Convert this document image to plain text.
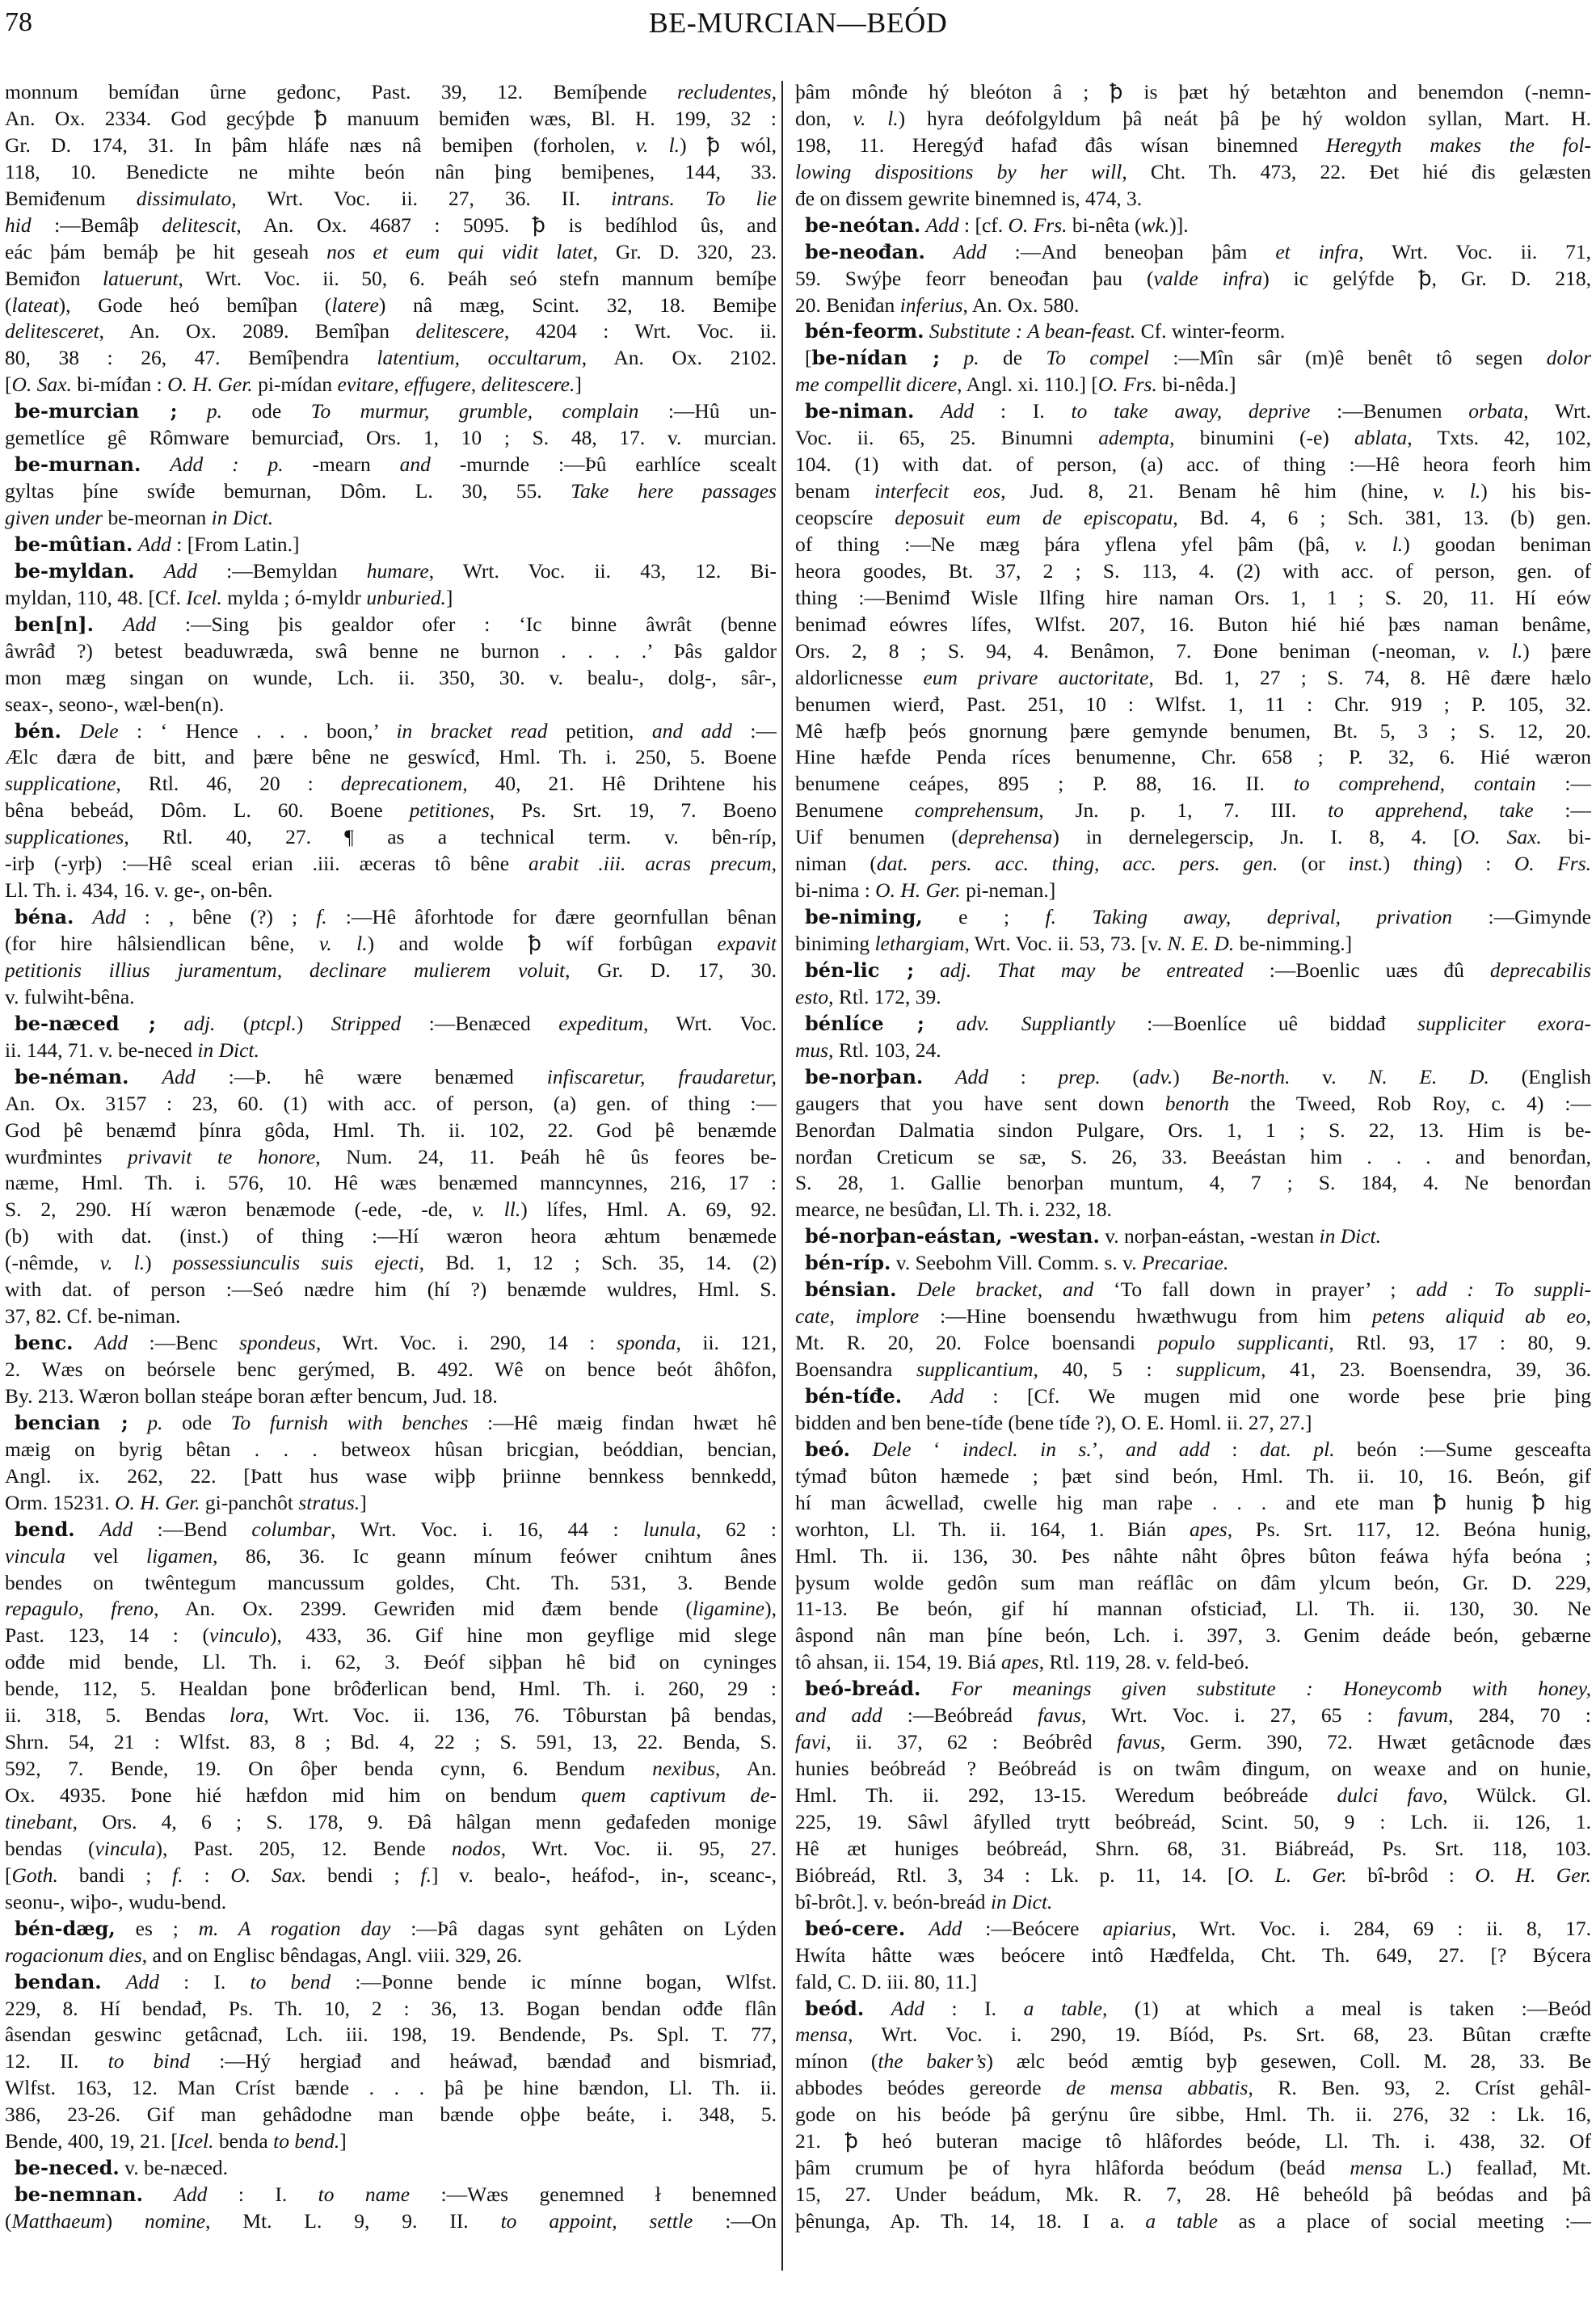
78	BE-MURCIAN—BEÓD
monnum bemíđan ûrne geđonc, Past. 39, 12. Bemíþende recludentes,
An. Ox. 2334. God gecýþde ꝥ manuum bemiđen wæs, Bl. H. 199, 32 :
Gr. D. 174, 31. In þâm hláfe næs nâ bemiþen (forholen, v. l.) ꝥ wól,
118, 10. Benedicte ne mihte beón nân þing bemiþenes, 144, 33.
Bemiđenum dissimulato, Wrt. Voc. ii. 27, 36. II. intrans. To lie
hid :—Bemâþ delitescit, An. Ox. 4687 : 5095. ꝥ is bedíhlod ûs, and
eác þám bemáþ þe hit geseah nos et eum qui vidit latet, Gr. D. 320, 23.
Bemiđon latuerunt, Wrt. Voc. ii. 50, 6. Þeáh seó stefn mannum bemíþe
(lateat), Gode heó bemîþan (latere) nâ mæg, Scint. 32, 18. Bemiþe
delitesceret, An. Ox. 2089. Bemîþan delitescere, 4204 : Wrt. Voc. ii.
80, 38 : 26, 47. Bemîþendra latentium, occultarum, An. Ox. 2102.
[O. Sax. bi-míđan : O. H. Ger. pi-mídan evitare, effugere, delitescere.]
be-murcian ; p. ode To murmur, grumble, complain :—Hû un-
gemetlíce gê Rômware bemurciađ, Ors. 1, 10 ; S. 48, 17. v. murcian.
be-murnan. Add : p. -mearn and -murnde :—Þû earhlíce scealt
gyltas þíne swíđe bemurnan, Dôm. L. 30, 55. Take here passages
given under be-meornan in Dict.
be-mûtian. Add : [From Latin.]
be-myldan. Add :—Bemyldan humare, Wrt. Voc. ii. 43, 12. Bi-
myldan, 110, 48. [Cf. Icel. mylda ; ó-myldr unburied.]
ben[n]. Add :—Sing þis gealdor ofer : ‘Ic binne âwrât (benne
âwrâđ ?) betest beaduwræda, swâ benne ne burnon . . . .’ Þâs galdor
mon mæg singan on wunde, Lch. ii. 350, 30. v. bealu-, dolg-, sâr-,
seax-, seono-, wæl-ben(n).
bén. Dele : ‘ Hence . . . boon,’ in bracket read petition, and add :—
Ælc đæra đe bitt, and þære bêne ne geswícđ, Hml. Th. i. 250, 5. Boene
supplicatione, Rtl. 46, 20 : deprecationem, 40, 21. Hê Drihtene his
bêna bebeád, Dôm. L. 60. Boene petitiones, Ps. Srt. 19, 7. Boeno
supplicationes, Rtl. 40, 27. ¶ as a technical term. v. bên-ríp,
-irþ (-yrþ) :—Hê sceal erian .iii. æceras tô bêne arabit .iii. acras precum,
Ll. Th. i. 434, 16. v. ge-, on-bên.
béna. Add : , bêne (?) ; f. :—Hê âforhtode for đære geornfullan bênan
(for hire hâlsiendlican bêne, v. l.) and wolde ꝥ wíf forbûgan expavit
petitionis illius juramentum, declinare mulierem voluit, Gr. D. 17, 30.
v. fulwiht-bêna.
be-næced ; adj. (ptcpl.) Stripped :—Benæced expeditum, Wrt. Voc.
ii. 144, 71. v. be-neced in Dict.
be-néman. Add :—Þ. hê wære benæmed infiscaretur, fraudaretur,
An. Ox. 3157 : 23, 60. (1) with acc. of person, (a) gen. of thing :—
God þê benæmđ þínra gôda, Hml. Th. ii. 102, 22. God þê benæmde
wurđmintes privavit te honore, Num. 24, 11. Þeáh hê ûs feores be-
næme, Hml. Th. i. 576, 10. Hê wæs benæmed manncynnes, 216, 17 :
S. 2, 290. Hí wæron benæmode (-ede, -de, v. ll.) lífes, Hml. A. 69, 92.
(b) with dat. (inst.) of thing :—Hí wæron heora æhtum benæmede
(-nêmde, v. l.) possessiunculis suis ejecti, Bd. 1, 12 ; Sch. 35, 14. (2)
with dat. of person :—Seó nædre him (hí ?) benæmde wuldres, Hml. S.
37, 82. Cf. be-niman.
benc. Add :—Benc spondeus, Wrt. Voc. i. 290, 14 : sponda, ii. 121,
2. Wæs on beórsele benc gerýmed, B. 492. Wê on bence beót âhôfon,
By. 213. Wæron bollan steápe boran æfter bencum, Jud. 18.
bencian ; p. ode To furnish with benches :—Hê mæig findan hwæt hê
mæig on byrig bêtan . . . betweox hûsan bricgian, beóddian, bencian,
Angl. ix. 262, 22. [Þatt hus wase wiþþ þriinne bennkess bennkedd,
Orm. 15231. O. H. Ger. gi-panchôt stratus.]
bend. Add :—Bend columbar, Wrt. Voc. i. 16, 44 : lunula, 62 :
vincula vel ligamen, 86, 36. Ic geann mínum feówer cnihtum ânes
bendes on twêntegum mancussum goldes, Cht. Th. 531, 3. Bende
repagulo, freno, An. Ox. 2399. Gewriđen mid đæm bende (ligamine),
Past. 123, 14 : (vinculo), 433, 36. Gif hine mon geyflige mid slege
ođđe mid bende, Ll. Th. i. 62, 3. Đeóf siþþan hê biđ on cyninges
bende, 112, 5. Healdan þone brôđerlican bend, Hml. Th. i. 260, 29 :
ii. 318, 5. Bendas lora, Wrt. Voc. ii. 136, 76. Tôburstan þâ bendas,
Shrn. 54, 21 : Wlfst. 83, 8 ; Bd. 4, 22 ; S. 591, 13, 22. Benda, S.
592, 7. Bende, 19. On ôþer benda cynn, 6. Bendum nexibus, An.
Ox. 4935. Þone hié hæfdon mid him on bendum quem captivum de-
tinebant, Ors. 4, 6 ; S. 178, 9. Đâ hâlgan menn geđafeden monige
bendas (vincula), Past. 205, 12. Bende nodos, Wrt. Voc. ii. 95, 27.
[Goth. bandi ; f. : O. Sax. bendi ; f.] v. bealo-, heáfod-, in-, sceanc-,
seonu-, wiþo-, wudu-bend.
bén-dæg, es ; m. A rogation day :—Þâ dagas synt gehâten on Lýden
rogacionum dies, and on Englisc bêndagas, Angl. viii. 329, 26.
bendan. Add : I. to bend :—Þonne bende ic mínne bogan, Wlfst.
229, 8. Hí bendađ, Ps. Th. 10, 2 : 36, 13. Bogan bendan ođđe flân
âsendan geswinc getâcnađ, Lch. iii. 198, 19. Bendende, Ps. Spl. T. 77,
12. II. to bind :—Hý hergiađ and heáwađ, bændađ and bismriađ,
Wlfst. 163, 12. Man Críst bænde . . . þâ þe hine bændon, Ll. Th. ii.
386, 23-26. Gif man gehâdodne man bænde oþþe beáte, i. 348, 5.
Bende, 400, 19, 21. [Icel. benda to bend.]
be-neced. v. be-næced.
be-nemnan. Add : I. to name :—Wæs genemned ł benemned
(Matthaeum) nomine, Mt. L. 9, 9. II. to appoint, settle :—On
þâm mônđe hý bleóton â ; ꝥ is þæt hý betæhton and benemdon (-nemn-
don, v. l.) hyra deófolgyldum þâ neát þâ þe hý woldon syllan, Mart. H.
198, 11. Heregýđ hafađ đâs wísan binemned Heregyth makes the fol-
lowing dispositions by her will, Cht. Th. 473, 22. Đet hié đis gelæsten
đe on đissem gewrite binemned is, 474, 3.
be-neótan. Add : [cf. O. Frs. bi-nêta (wk.)].
be-neođan. Add :—And beneoþan þâm et infra, Wrt. Voc. ii. 71,
59. Swýþe feorr beneođan þau (valde infra) ic gelýfde ꝥ, Gr. D. 218,
20. Beniđan inferius, An. Ox. 580.
bén-feorm. Substitute : A bean-feast. Cf. winter-feorm.
[be-nídan ; p. de To compel :—Mîn sâr (m)ê benêt tô segen dolor
me compellit dicere, Angl. xi. 110.] [O. Frs. bi-nêda.]
be-niman. Add : I. to take away, deprive :—Benumen orbata, Wrt.
Voc. ii. 65, 25. Binumni adempta, binumini (-e) ablata, Txts. 42, 102,
104. (1) with dat. of person, (a) acc. of thing :—Hê heora feorh him
benam interfecit eos, Jud. 8, 21. Benam hê him (hine, v. l.) his bis-
ceopscíre deposuit eum de episcopatu, Bd. 4, 6 ; Sch. 381, 13. (b) gen.
of thing :—Ne mæg þára yflena yfel þâm (þâ, v. l.) goodan beniman
heora goodes, Bt. 37, 2 ; S. 113, 4. (2) with acc. of person, gen. of
thing :—Benimđ Wisle Ilfing hire naman Ors. 1, 1 ; S. 20, 11. Hí eów
benimađ eówres lífes, Wlfst. 207, 16. Buton hié hié þæs naman benâme,
Ors. 2, 8 ; S. 94, 4. Benâmon, 7. Đone beniman (-neoman, v. l.) þære
aldorlicnesse eum privare auctoritate, Bd. 1, 27 ; S. 74, 8. Hê đære hælo
benumen wierđ, Past. 251, 10 : Wlfst. 1, 11 : Chr. 919 ; P. 105, 32.
Mê hæfþ þeós gnornung þære gemynde benumen, Bt. 5, 3 ; S. 12, 20.
Hine hæfde Penda ríces benumenne, Chr. 658 ; P. 32, 6. Hié wæron
benumene ceápes, 895 ; P. 88, 16. II. to comprehend, contain :—
Benumene comprehensum, Jn. p. 1, 7. III. to apprehend, take :—
Uif benumen (deprehensa) in dernelegerscip, Jn. I. 8, 4. [O. Sax. bi-
niman (dat. pers. acc. thing, acc. pers. gen. (or inst.) thing) : O. Frs.
bi-nima : O. H. Ger. pi-neman.]
be-niming, e ; f. Taking away, deprival, privation :—Gimynde
biniming lethargiam, Wrt. Voc. ii. 53, 73. [v. N. E. D. be-nimming.]
bén-lic ; adj. That may be entreated :—Boenlic uæs đû deprecabilis
esto, Rtl. 172, 39.
bénlíce ; adv. Suppliantly :—Boenlíce uê biddađ suppliciter exora-
mus, Rtl. 103, 24.
be-norþan. Add : prep. (adv.) Be-north. v. N. E. D. (English
gaugers that you have sent down benorth the Tweed, Rob Roy, c. 4) :—
Benorđan Dalmatia sindon Pulgare, Ors. 1, 1 ; S. 22, 13. Him is be-
norđan Creticum se sæ, S. 26, 33. Beeástan him . . . and benorđan,
S. 28, 1. Gallie benorþan muntum, 4, 7 ; S. 184, 4. Ne benorđan
mearce, ne besûđan, Ll. Th. i. 232, 18.
bé-norþan-eástan, -westan. v. norþan-eástan, -westan in Dict.
bén-ríp. v. Seebohm Vill. Comm. s. v. Precariae.
bénsian. Dele bracket, and ‘To fall down in prayer’ ; add : To suppli-
cate, implore :—Hine boensendu hwæthwugu from him petens aliquid ab eo,
Mt. R. 20, 20. Folce boensandi populo supplicanti, Rtl. 93, 17 : 80, 9.
Boensandra supplicantium, 40, 5 : supplicum, 41, 23. Boensendra, 39, 36.
bén-tíđe. Add : [Cf. We mugen mid one worde þese þrie þing
bidden and ben bene-tíđe (bene tíđe ?), O. E. Homl. ii. 27, 27.]
beó. Dele ‘ indecl. in s.’, and add : dat. pl. beón :—Sume gesceafta
týmađ bûton hæmede ; þæt sind beón, Hml. Th. ii. 10, 16. Beón, gif
hí man âcwellađ, cwelle hig man raþe . . . and ete man ꝥ hunig ꝥ hig
worhton, Ll. Th. ii. 164, 1. Bián apes, Ps. Srt. 117, 12. Beóna hunig,
Hml. Th. ii. 136, 30. Þes nâhte nâht ôþres bûton feáwa hýfa beóna ;
þysum wolde gedôn sum man reáflâc on đâm ylcum beón, Gr. D. 229,
11-13. Be beón, gif hí mannan ofsticiađ, Ll. Th. ii. 130, 30. Ne
âspond nân man þíne beón, Lch. i. 397, 3. Genim deáde beón, gebærne
tô ahsan, ii. 154, 19. Biá apes, Rtl. 119, 28. v. feld-beó.
beó-breád. For meanings given substitute : Honeycomb with honey,
and add :—Beóbreád favus, Wrt. Voc. i. 27, 65 : favum, 284, 70 :
favi, ii. 37, 62 : Beóbrêd favus, Germ. 390, 72. Hwæt getâcnode đæs
hunies beóbreád ? Beóbreád is on twâm đingum, on weaxe and on hunie,
Hml. Th. ii. 292, 13-15. Weredum beóbreáde dulci favo, Wülck. Gl.
225, 19. Sâwl âfylled trytt beóbreád, Scint. 50, 9 : Lch. ii. 126, 1.
Hê æt huniges beóbreád, Shrn. 68, 31. Biábreád, Ps. Srt. 118, 103.
Bióbreád, Rtl. 3, 34 : Lk. p. 11, 14. [O. L. Ger. bî-brôd : O. H. Ger.
bî-brôt.]. v. beón-breád in Dict.
beó-cere. Add :—Beócere apiarius, Wrt. Voc. i. 284, 69 : ii. 8, 17.
Hwíta hâtte wæs beócere intô Hæđfelda, Cht. Th. 649, 27. [? Býcera
fald, C. D. iii. 80, 11.]
beód. Add : I. a table, (1) at which a meal is taken :—Beód
mensa, Wrt. Voc. i. 290, 19. Bíód, Ps. Srt. 68, 23. Bûtan cræfte
mínon (the baker’s) ælc beód æmtig byþ gesewen, Coll. M. 28, 33. Be
abbodes beódes gereorde de mensa abbatis, R. Ben. 93, 2. Críst gehâl-
gode on his beóde þâ gerýnu ûre sibbe, Hml. Th. ii. 276, 32 : Lk. 16,
21. ꝥ heó buteran macige tô hlâfordes beóde, Ll. Th. i. 438, 32. Of
þâm crumum þe of hyra hlâforda beódum (beád mensa L.) feallađ, Mt.
15, 27. Under beádum, Mk. R. 7, 28. Hê beheóld þâ beódas and þâ
þênunga, Ap. Th. 14, 18. I a. a table as a place of social meeting :—
